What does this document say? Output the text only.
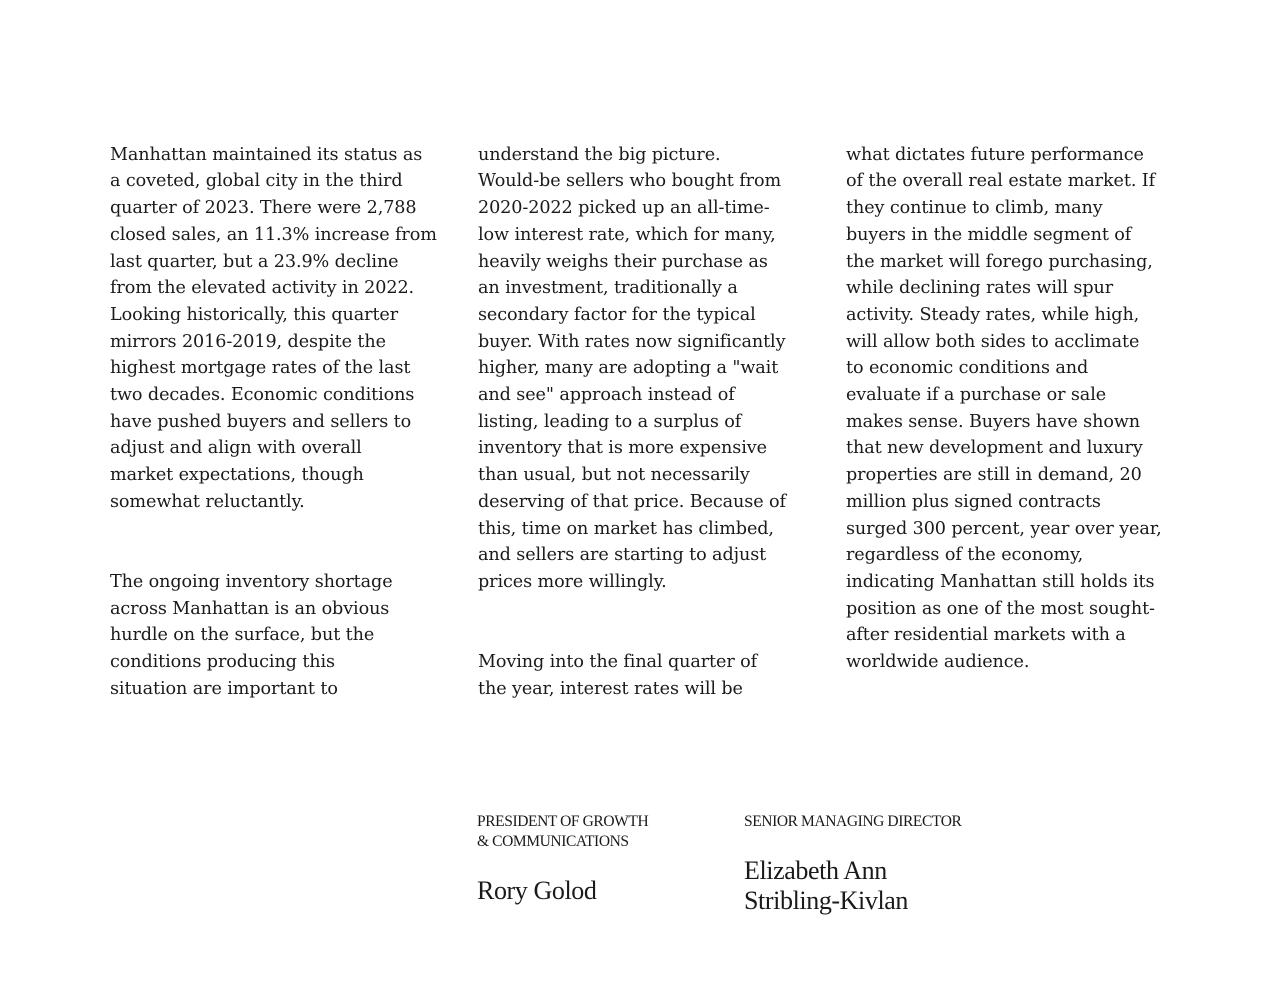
Manhattan maintained its status as
a coveted, global city in the third
quarter of 2023. There were 2,788
closed sales, an 11.3% increase from
last quarter, but a 23.9% decline
from the elevated activity in 2022.
Looking historically, this quarter
mirrors 2016-2019, despite the
highest mortgage rates of the last
two decades. Economic conditions
have pushed buyers and sellers to
adjust and align with overall
market expectations, though
somewhat reluctantly.

The ongoing inventory shortage
across Manhattan is an obvious
hurdle on the surface, but the
conditions producing this
situation are important to

understand the big picture.
Would-be sellers who bought from
2020-2022 picked up an all-time-
low interest rate, which for many,
heavily weighs their purchase as
an investment, traditionally a
secondary factor for the typical
buyer. With rates now significantly
higher, many are adopting a "wait
and see" approach instead of
listing, leading to a surplus of
inventory that is more expensive
than usual, but not necessarily
deserving of that price. Because of
this, time on market has climbed,
and sellers are starting to adjust
prices more willingly.

Moving into the final quarter of
the year, interest rates will be

what dictates future performance
of the overall real estate market. If
they continue to climb, many
buyers in the middle segment of
the market will forego purchasing,
while declining rates will spur
activity. Steady rates, while high,
will allow both sides to acclimate
to economic conditions and
evaluate if a purchase or sale
makes sense. Buyers have shown
that new development and luxury
properties are still in demand, 20
million plus signed contracts
surged 300 percent, year over year,
regardless of the economy,
indicating Manhattan still holds its
position as one of the most sought-
after residential markets with a
worldwide audience.

PRESIDENT OF GROWTH
& COMMUNICATIONS
Rory Golod
SENIOR MANAGING DIRECTOR
Elizabeth Ann
Stribling-Kivlan
